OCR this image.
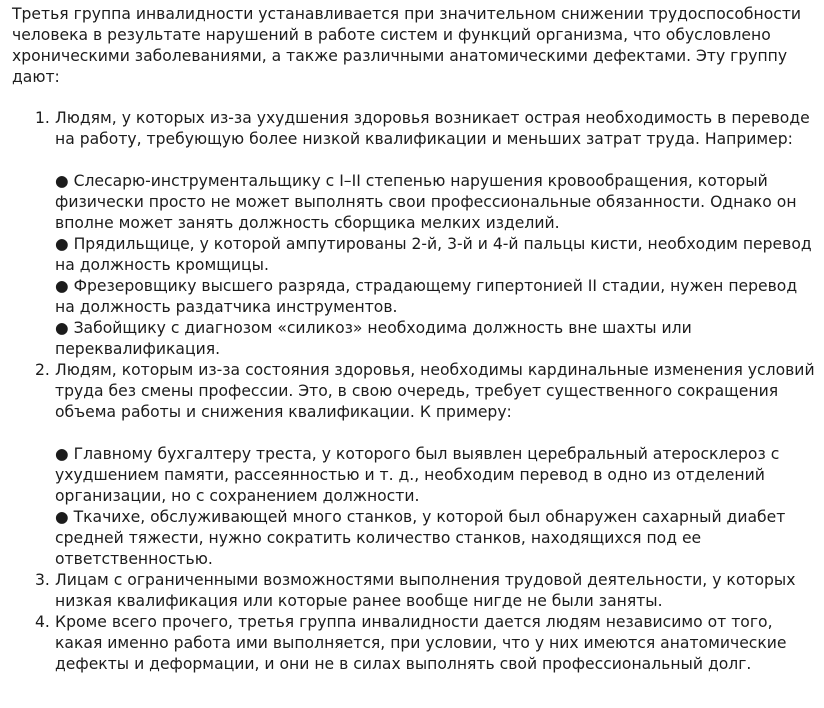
Третья группа инвалидности устанавливается при значительном снижении трудоспособности человека в результате нарушений в работе систем и функций организма, что обусловлено хроническими заболеваниями, а также различными анатомическими дефектами. Эту группу дают:

1. Людям, у которых из-за ухудшения здоровья возникает острая необходимость в переводе на работу, требующую более низкой квалификации и меньших затрат труда. Например:

● Слесарю-инструментальщику с I–II степенью нарушения кровообращения, который физически просто не может выполнять свои профессиональные обязанности. Однако он вполне может занять должность сборщика мелких изделий.

● Прядильщице, у которой ампутированы 2-й, 3-й и 4-й пальцы кисти, необходим перевод на должность кромщицы.

● Фрезеровщику высшего разряда, страдающему гипертонией II стадии, нужен перевод на должность раздатчика инструментов.

● Забойщику с диагнозом «силикоз» необходима должность вне шахты или переквалификация.

2. Людям, которым из-за состояния здоровья, необходимы кардинальные изменения условий труда без смены профессии. Это, в свою очередь, требует существенного сокращения объема работы и снижения квалификации. К примеру:

● Главному бухгалтеру треста, у которого был выявлен церебральный атеросклероз с ухудшением памяти, рассеянностью и т. д., необходим перевод в одно из отделений организации, но с сохранением должности.

● Ткачихе, обслуживающей много станков, у которой был обнаружен сахарный диабет средней тяжести, нужно сократить количество станков, находящихся под ее ответственностью.

3. Лицам с ограниченными возможностями выполнения трудовой деятельности, у которых низкая квалификация или которые ранее вообще нигде не были заняты.

4. Кроме всего прочего, третья группа инвалидности дается людям независимо от того, какая именно работа ими выполняется, при условии, что у них имеются анатомические дефекты и деформации, и они не в силах выполнять свой профессиональный долг.
